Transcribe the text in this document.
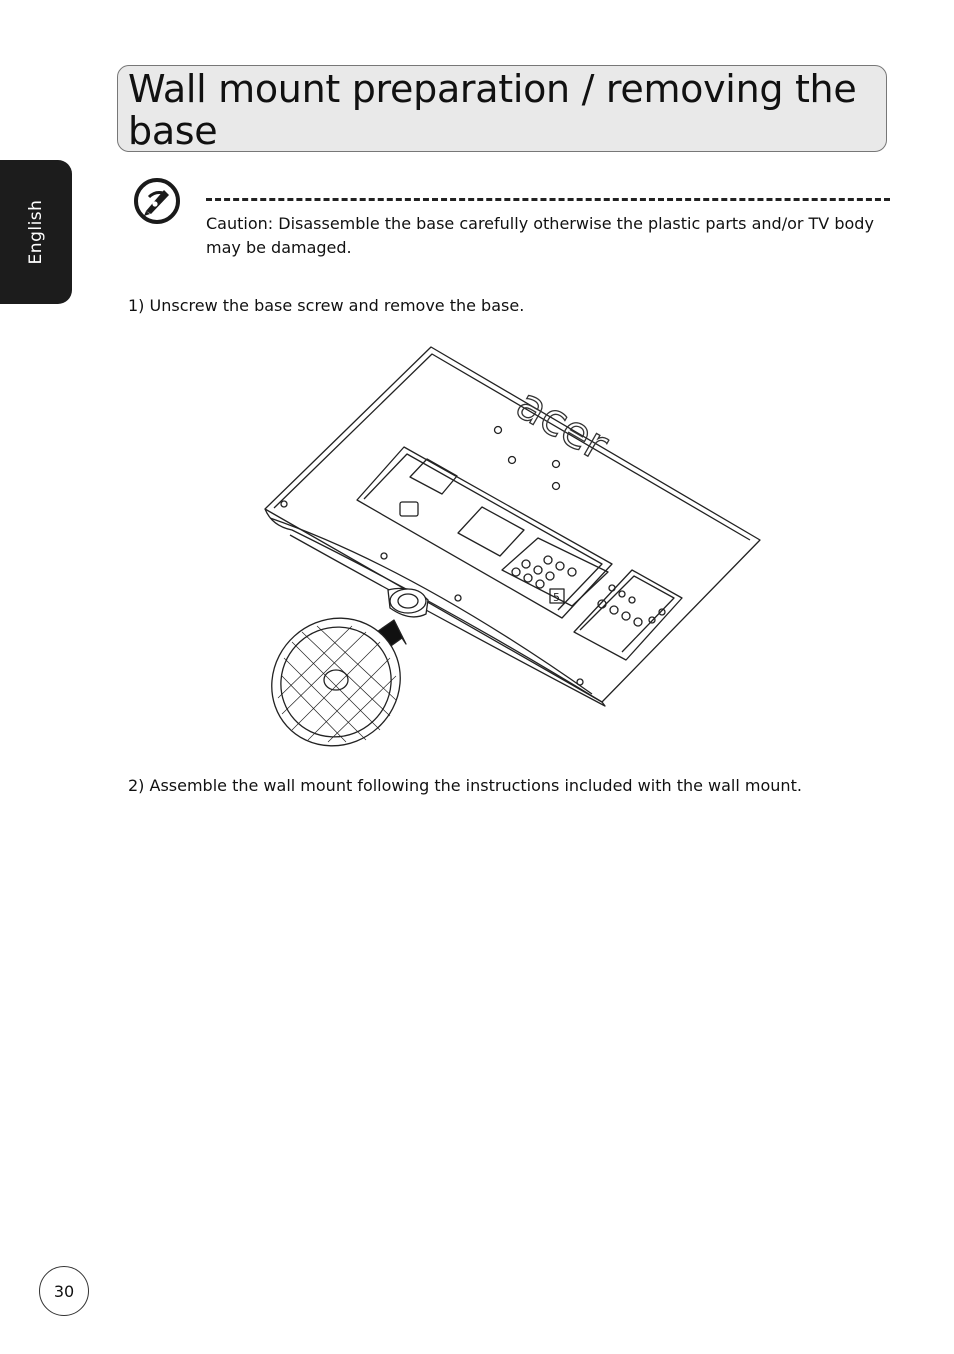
English
Wall mount preparation / removing the base
Caution: Disassemble the base carefully otherwise the plastic parts and/or TV body may be damaged.
1) Unscrew the base screw and remove the base.
acer
5
2) Assemble the wall mount following the instructions included with the wall mount.
30
